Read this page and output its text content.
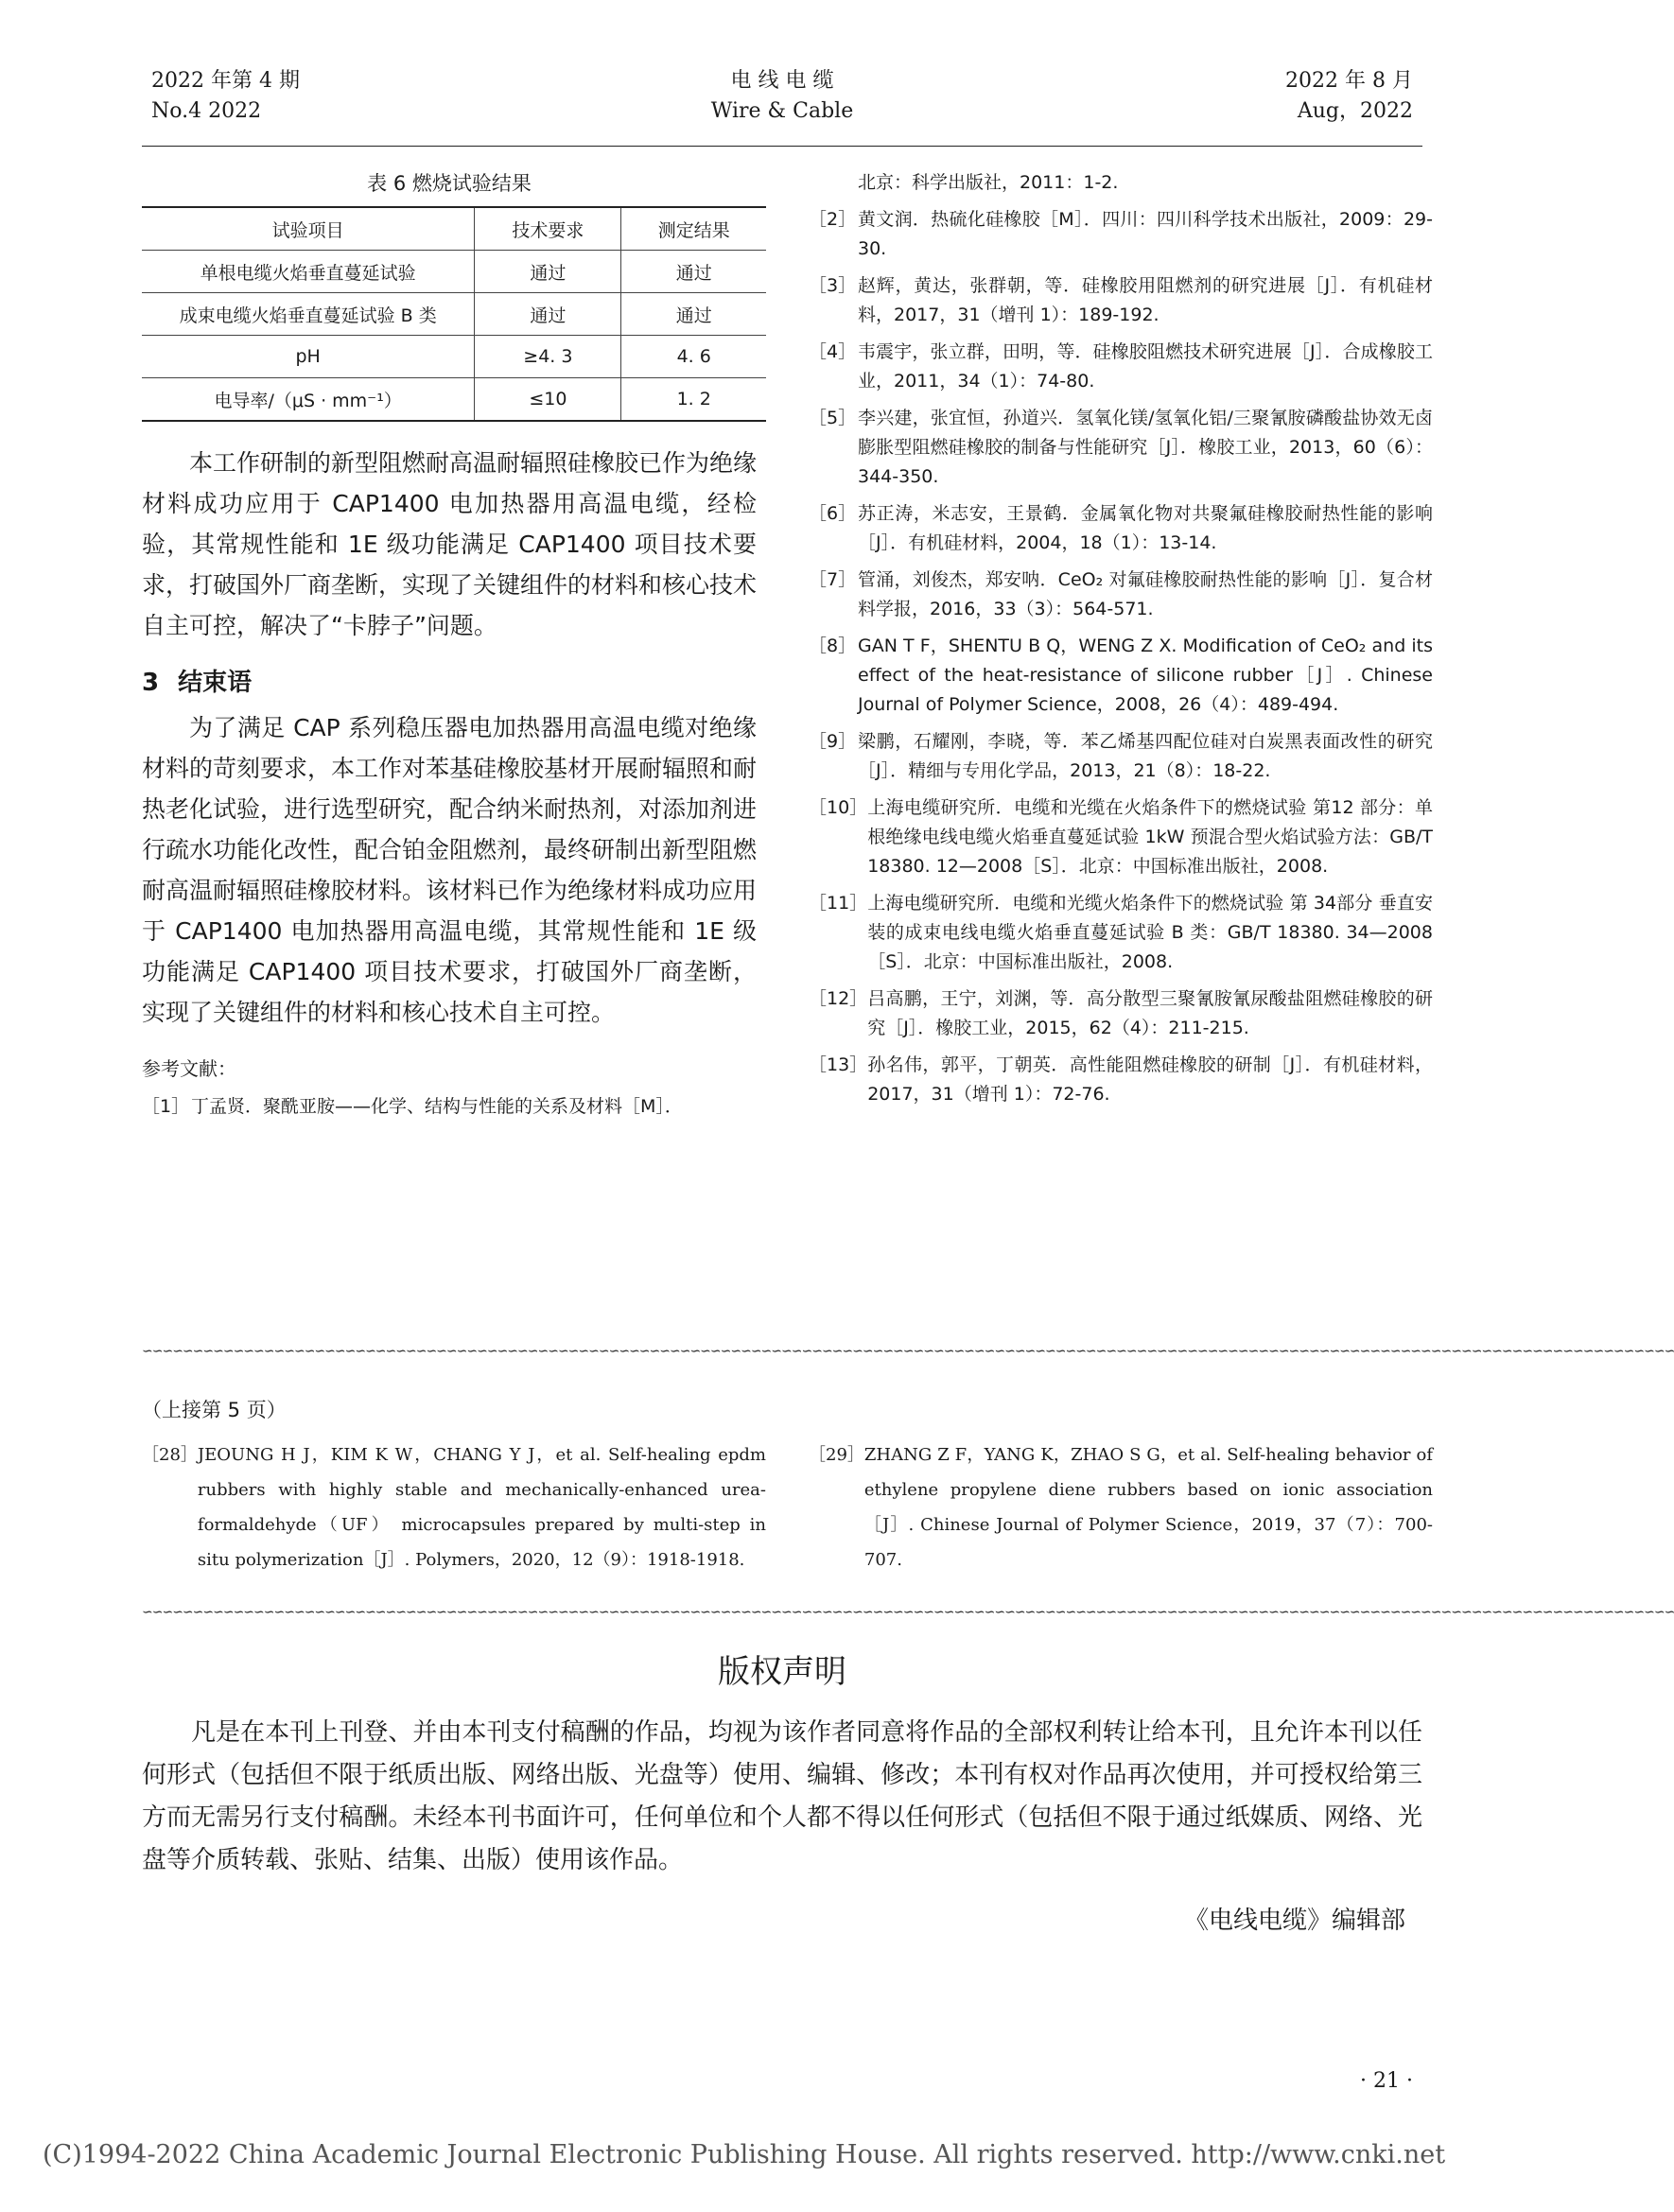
2022 年第 4 期
No.4 2022
电 线 电 缆
Wire & Cable
2022 年 8 月
Aug，2022
表 6 燃烧试验结果
试验项目	技术要求	测定结果
单根电缆火焰垂直蔓延试验	通过	通过
成束电缆火焰垂直蔓延试验 B 类	通过	通过
pH	≥4. 3	4. 6
电导率/（μS · mm⁻¹）	≤10	1. 2

本工作研制的新型阻燃耐高温耐辐照硅橡胶已作为绝缘材料成功应用于 CAP1400 电加热器用高温电缆，经检验，其常规性能和 1E 级功能满足 CAP1400 项目技术要求，打破国外厂商垄断，实现了关键组件的材料和核心技术自主可控，解决了“卡脖子”问题。

3 结束语

为了满足 CAP 系列稳压器电加热器用高温电缆对绝缘材料的苛刻要求，本工作对苯基硅橡胶基材开展耐辐照和耐热老化试验，进行选型研究，配合纳米耐热剂，对添加剂进行疏水功能化改性，配合铂金阻燃剂，最终研制出新型阻燃耐高温耐辐照硅橡胶材料。该材料已作为绝缘材料成功应用于 CAP1400 电加热器用高温电缆，其常规性能和 1E 级功能满足 CAP1400 项目技术要求，打破国外厂商垄断，实现了关键组件的材料和核心技术自主可控。

参考文献：
［1］ 丁孟贤．聚酰亚胺——化学、结构与性能的关系及材料［M］．
北京：科学出版社，2011：1-2.
［2］ 黄文润．热硫化硅橡胶［M］．四川：四川科学技术出版社，2009：29-30.
［3］ 赵辉，黄达，张群朝，等．硅橡胶用阻燃剂的研究进展［J］．有机硅材料，2017，31（增刊 1）：189-192.
［4］ 韦震宇，张立群，田明，等．硅橡胶阻燃技术研究进展［J］．合成橡胶工业，2011，34（1）：74-80.
［5］ 李兴建，张宜恒，孙道兴．氢氧化镁/氢氧化铝/三聚氰胺磷酸盐协效无卤膨胀型阻燃硅橡胶的制备与性能研究［J］．橡胶工业，2013，60（6）：344-350.
［6］ 苏正涛，米志安，王景鹤．金属氧化物对共聚氟硅橡胶耐热性能的影响［J］．有机硅材料，2004，18（1）：13-14.
［7］ 管涌，刘俊杰，郑安呐．CeO₂ 对氟硅橡胶耐热性能的影响［J］．复合材料学报，2016，33（3）：564-571.
［8］ GAN T F，SHENTU B Q，WENG Z X. Modification of CeO₂ and its effect of the heat-resistance of silicone rubber［J］. Chinese Journal of Polymer Science，2008，26（4）：489-494.
［9］ 梁鹏，石耀刚，李晓，等．苯乙烯基四配位硅对白炭黑表面改性的研究［J］．精细与专用化学品，2013，21（8）：18-22.
［10］ 上海电缆研究所．电缆和光缆在火焰条件下的燃烧试验 第12 部分：单根绝缘电线电缆火焰垂直蔓延试验 1kW 预混合型火焰试验方法：GB/T 18380. 12—2008［S］．北京：中国标准出版社，2008.
［11］ 上海电缆研究所．电缆和光缆火焰条件下的燃烧试验 第 34部分 垂直安装的成束电线电缆火焰垂直蔓延试验 B 类：GB/T 18380. 34—2008［S］．北京：中国标准出版社，2008.
［12］ 吕高鹏，王宁，刘渊，等．高分散型三聚氰胺氰尿酸盐阻燃硅橡胶的研究［J］．橡胶工业，2015，62（4）：211-215.
［13］ 孙名伟，郭平，丁朝英．高性能阻燃硅橡胶的研制［J］．有机硅材料，2017，31（增刊 1）：72-76.
∽∽∽∽∽∽∽∽∽∽∽∽∽∽∽∽∽∽∽∽∽∽∽∽∽∽∽∽∽∽∽∽∽∽∽∽∽∽∽∽∽∽∽∽∽∽∽∽∽∽∽∽∽∽∽∽∽∽∽∽∽∽∽∽∽∽∽∽∽∽∽∽∽∽∽∽∽∽∽∽∽∽∽∽∽∽∽∽∽∽∽∽∽∽∽∽∽∽∽∽∽∽∽∽∽∽∽∽∽∽∽∽∽∽∽∽∽∽∽∽∽∽∽∽∽∽∽∽∽∽∽∽∽∽∽∽∽∽∽∽∽∽∽∽∽∽∽∽∽∽∽
（上接第 5 页）
［28］ JEOUNG H J，KIM K W，CHANG Y J，et al. Self-healing epdm rubbers with highly stable and mechanically-enhanced urea-formaldehyde（UF） microcapsules prepared by multi-step in situ polymerization［J］. Polymers，2020，12（9）：1918-1918.
［29］ ZHANG Z F，YANG K，ZHAO S G，et al. Self-healing behavior of ethylene propylene diene rubbers based on ionic association［J］. Chinese Journal of Polymer Science，2019，37（7）：700-707.
∽∽∽∽∽∽∽∽∽∽∽∽∽∽∽∽∽∽∽∽∽∽∽∽∽∽∽∽∽∽∽∽∽∽∽∽∽∽∽∽∽∽∽∽∽∽∽∽∽∽∽∽∽∽∽∽∽∽∽∽∽∽∽∽∽∽∽∽∽∽∽∽∽∽∽∽∽∽∽∽∽∽∽∽∽∽∽∽∽∽∽∽∽∽∽∽∽∽∽∽∽∽∽∽∽∽∽∽∽∽∽∽∽∽∽∽∽∽∽∽∽∽∽∽∽∽∽∽∽∽∽∽∽∽∽∽∽∽∽∽∽∽∽∽∽∽∽∽∽∽∽
版权声明
凡是在本刊上刊登、并由本刊支付稿酬的作品，均视为该作者同意将作品的全部权利转让给本刊，且允许本刊以任何形式（包括但不限于纸质出版、网络出版、光盘等）使用、编辑、修改；本刊有权对作品再次使用，并可授权给第三方而无需另行支付稿酬。未经本刊书面许可，任何单位和个人都不得以任何形式（包括但不限于通过纸媒质、网络、光盘等介质转载、张贴、结集、出版）使用该作品。
《电线电缆》编辑部
· 21 ·
(C)1994-2022 China Academic Journal Electronic Publishing House. All rights reserved. http://www.cnki.net
